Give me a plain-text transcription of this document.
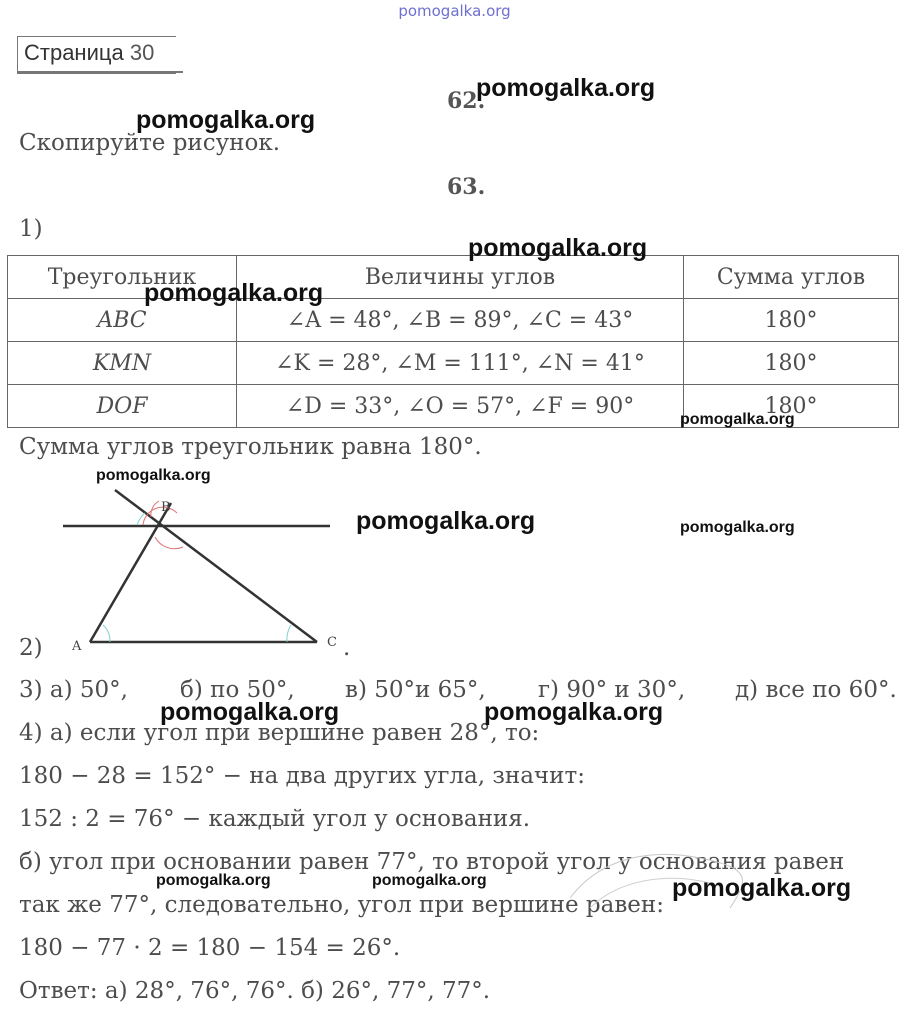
pomogalka.org
Страница 30
62.
Скопируйте рисунок.
63.
1)
Треугольник	Величины углов	Сумма углов
ABC	∠A = 48°, ∠B = 89°, ∠C = 43°	180°
KMN	∠K = 28°, ∠M = 111°, ∠N = 41°	180°
DOF	∠D = 33°, ∠O = 57°, ∠F = 90°	180°
Сумма углов треугольник равна 180°.
B
A	C
2)	.
3) а) 50°, б) по 50°, в) 50°и 65°, г) 90° и 30°, д) все по 60°.
4) а) если угол при вершине равен 28°, то:
180 − 28 = 152° − на два других угла, значит:
152 : 2 = 76° − каждый угол у основания.
б) угол при основании равен 77°, то второй угол у основания равен
так же 77°, следовательно, угол при вершине равен:
180 − 77 · 2 = 180 − 154 = 26°.
Ответ: а) 28°, 76°, 76°. б) 26°, 77°, 77°.
pomogalka.org
pomogalka.org
pomogalka.org
pomogalka.org
pomogalka.org
pomogalka.org
pomogalka.org	pomogalka.org
pomogalka.org	pomogalka.org
pomogalka.org	pomogalka.org	pomogalka.org
